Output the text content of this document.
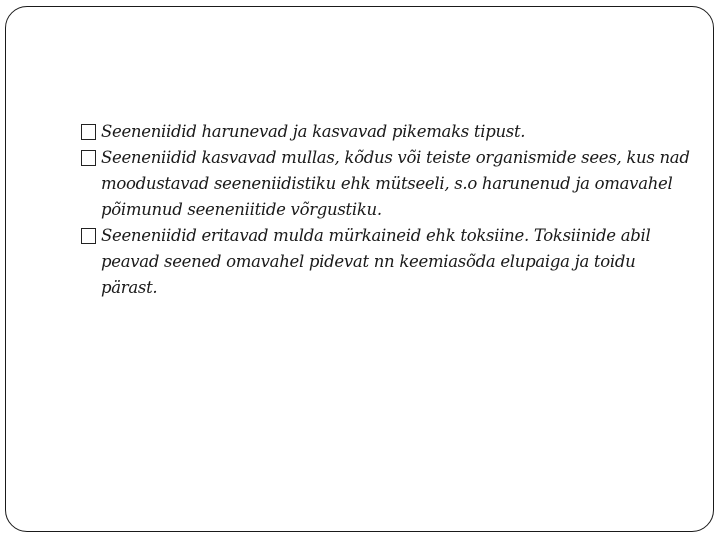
Seeneniidid harunevad ja kasvavad pikemaks tipust.
Seeneniidid kasvavad mullas, kõdus või teiste organismide sees, kus nad moodustavad seeneniidistiku ehk mütseeli, s.o harunenud ja omavahel põimunud seeneniitide võrgustiku.
Seeneniidid eritavad mulda mürkaineid ehk toksiine. Toksiinide abil peavad seened omavahel pidevat nn keemiasõda elupaiga ja toidu pärast.
